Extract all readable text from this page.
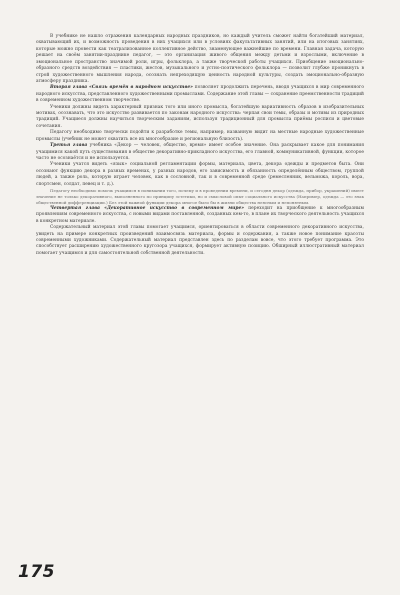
В учебнике не нашло отражения календарных народных праздников, но каждый учитель сможет найти богатейший материал, охватывающий их, и возможность проведения в них учащихся или в условиях факультативных занятий, или на итоговых занятиях, которые можно провести как театрализованное коллективное действо, знаменующее важнейшие по времени. Главная задача, которую решает на своём занятии-празднике педагог, — это организация живого общения между детьми и взрослыми, включение в эмоциональное пространство значимой роли, игры, фольклора, а также творческой работы учащихся. Приобщение эмоционально-образного средств воздействия — пластики, жестов, музыкального и устно-поэтического фольклора — позволит глубже проникнуть в строй художественного мышления народа, осознать непреходящую ценность народной культуры, создать эмоционально-образную атмосферу праздника.

Вторая глава «Связь времён в народном искусстве» позволяет продолжить перечень, вводя учащихся в мир современного народного искусства, представленного художественными промыслами. Содержание этой главы — сохранение преемственности традиций в современном художественном творчестве.

Ученики должны видеть характерный признак того или иного промысла, богатейшую вариативность образов в изобразительных мотивах, осознавать, что это искусство развивается по законам народного искусства: черпая свои темы, образы и мотивы из природных традиций. Учащиеся должны научиться творческим заданиям, используя традиционный для промысла приёмы росписи и цветовые сочетания.

Педагогу необходимо творчески подойти к разработке темы, например, названную видит на местные народные художественные промыслы (учебник не может охватить все их многообразие и региональную близость).

Третья глава учебника «Декор — человек, общество, время» имеет особое значение. Она раскрывает какое для понимания учащимися какой путь существования в обществе декоративно-прикладного искусства, его главной, коммуникативной, функции, которое часто не осознаётся и не используется.

Ученики учатся видеть «язык» социальной регламентации формы, материала, цвета, декора одежды и предметов быта. Они осознают функцию декора в разных временах, у разных народов, его зависимость и обязанность определённым обществом, группой людей, а также роль, которую играет человек, как в сословной, так и в современной среде (ремесленник, вельможа, король, вора, спортсмен, солдат, певец и т. д.).

Педагогу необходимо помочь учащимся в понимании того, почему и в проведении времени, и сегодня декор (одежда, прибор, украшений) имеет значение не только декоративного, выполненного по принципу эстетики, но и смысловой опыт социального искусства (Например, одежда — это знак общественной дифференциации.) Без этой важной функции декора многое было бы в жизни общества неясным и непонятным.

Четвертая глава «Декоративное искусство в современном мире» переходит на приобщение к многообразным проявлениям современного искусства, с новыми видами поставленной, созданных кем-то, в плане их творческого деятельность учащихся в конкретном материале.

Содержательный материал этой главы помогает учащимся, ориентироваться в области современного декоративного искусства, увидеть на примере конкретных произведений взаимосвязь материала, формы и содержания, а также новое понимание красоты современными художниками. Содержательный материал представлен здесь по разделам вовсе, что этого требует программа. Это способствует расширению художественного кругозора учащихся, формирует активную позицию. Обширный иллюстративный материал помогает учащимся и для самостоятельной собственной деятельности.

175
